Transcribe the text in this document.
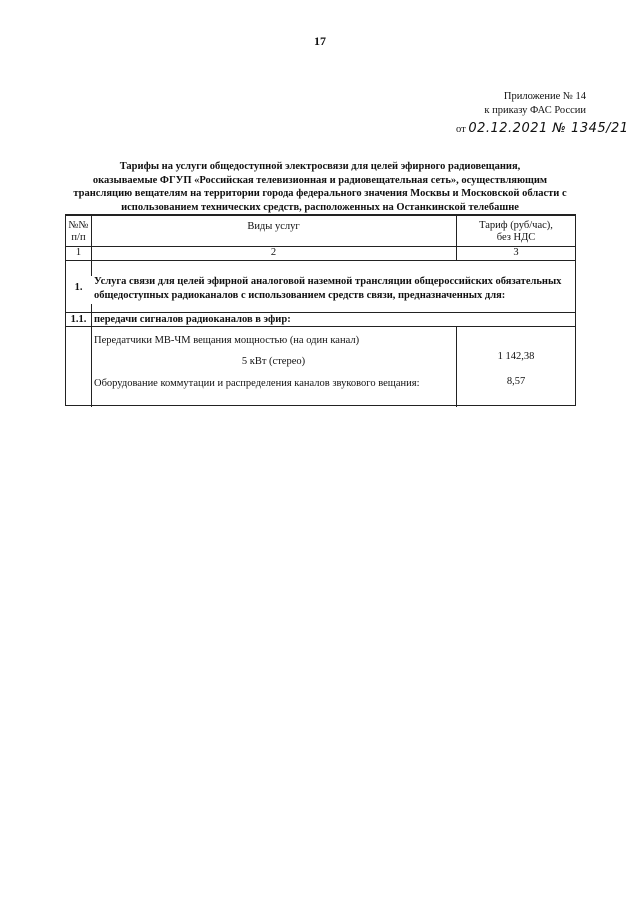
17
Приложение № 14
к приказу ФАС России
от 02.12.2021 № 1345/21
Тарифы на услуги общедоступной электросвязи для целей эфирного радиовещания,
оказываемые ФГУП «Российская телевизионная и радиовещательная сеть», осуществляющим
трансляцию вещателям на территории города федерального значения Москвы и Московской области с
использованием технических средств, расположенных на Останкинской телебашне
№№ п/п
Виды услуг	Тариф (руб/час), без НДС
1	2	3
1.
Услуга связи для целей эфирной аналоговой наземной трансляции общероссийских обязательных общедоступных радиоканалов с использованием средств связи, предназначенных для:
1.1. передачи сигналов радиоканалов в эфир:
Передатчики МВ-ЧМ вещания мощностью (на один канал)
5 кВт (стерео)	1 142,38
Оборудование коммутации и распределения каналов звукового вещания:	8,57
